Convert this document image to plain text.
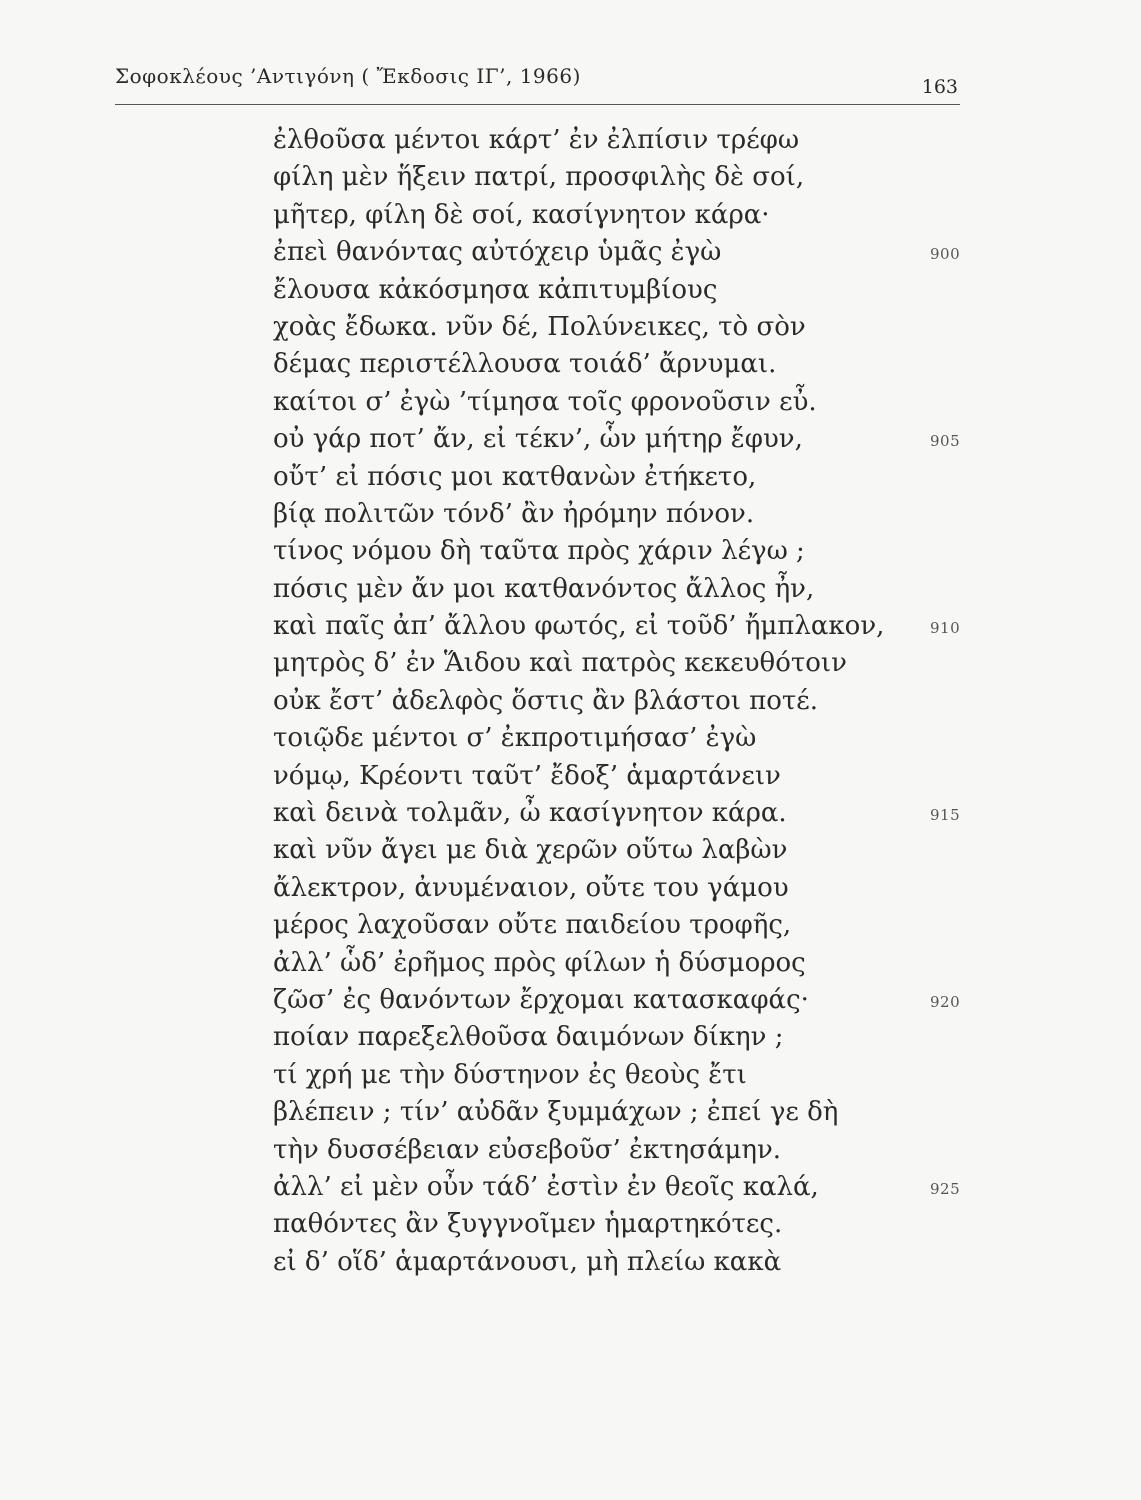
Σοφοκλέους ’Αντιγόνη ( Ἔκδοσις ΙΓ’, 1966)	163
ἐλθοῦσα μέντοι κάρτ’ ἐν ἐλπίσιν τρέφω
φίλη μὲν ἥξειν πατρί, προσφιλὴς δὲ σοί,
μῆτερ, φίλη δὲ σοί, κασίγνητον κάρα·
ἐπεὶ θανόντας αὐτόχειρ ὑμᾶς ἐγὼ	900
ἔλουσα κἀκόσμησα κἀπιτυμβίους
χοὰς ἔδωκα. νῦν δέ, Πολύνεικες, τὸ σὸν
δέμας περιστέλλουσα τοιάδ’ ἄρνυμαι.
καίτοι σ’ ἐγὼ ’τίμησα τοῖς φρονοῦσιν εὖ.
οὐ γάρ ποτ’ ἄν, εἰ τέκν’, ὧν μήτηρ ἔφυν,	905
οὔτ’ εἰ πόσις μοι κατθανὼν ἐτήκετο,
βίᾳ πολιτῶν τόνδ’ ἂν ἠρόμην πόνον.
τίνος νόμου δὴ ταῦτα πρὸς χάριν λέγω ;
πόσις μὲν ἄν μοι κατθανόντος ἄλλος ἦν,
καὶ παῖς ἀπ’ ἄλλου φωτός, εἰ τοῦδ’ ἤμπλακον,	910
μητρὸς δ’ ἐν Ἅιδου καὶ πατρὸς κεκευθότοιν
οὐκ ἔστ’ ἀδελφὸς ὅστις ἂν βλάστοι ποτέ.
τοιῷδε μέντοι σ’ ἐκπροτιμήσασ’ ἐγὼ
νόμῳ, Κρέοντι ταῦτ’ ἔδοξ’ ἁμαρτάνειν
καὶ δεινὰ τολμᾶν, ὦ κασίγνητον κάρα.	915
καὶ νῦν ἄγει με διὰ χερῶν οὕτω λαβὼν
ἄλεκτρον, ἀνυμέναιον, οὔτε του γάμου
μέρος λαχοῦσαν οὔτε παιδείου τροφῆς,
ἀλλ’ ὧδ’ ἐρῆμος πρὸς φίλων ἡ δύσμορος
ζῶσ’ ἐς θανόντων ἔρχομαι κατασκαφάς·	920
ποίαν παρεξελθοῦσα δαιμόνων δίκην ;
τί χρή με τὴν δύστηνον ἐς θεοὺς ἔτι
βλέπειν ; τίν’ αὐδᾶν ξυμμάχων ; ἐπεί γε δὴ
τὴν δυσσέβειαν εὐσεβοῦσ’ ἐκτησάμην.
ἀλλ’ εἰ μὲν οὖν τάδ’ ἐστὶν ἐν θεοῖς καλά,	925
παθόντες ἂν ξυγγνοῖμεν ἡμαρτηκότες.
εἰ δ’ οἵδ’ ἁμαρτάνουσι, μὴ πλείω κακὰ
